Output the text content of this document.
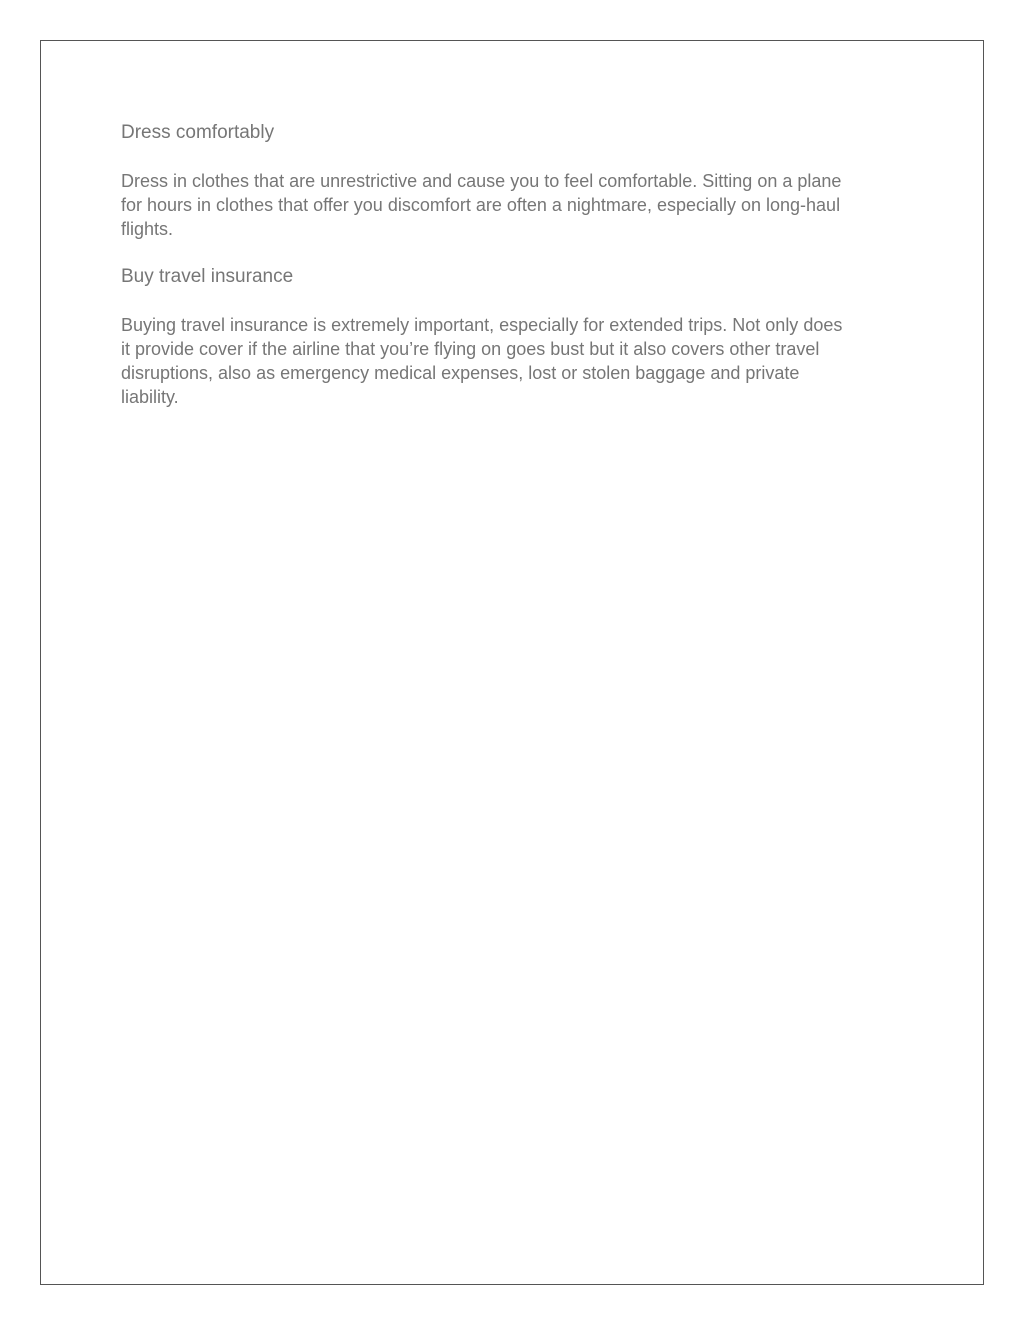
Dress comfortably

Dress in clothes that are unrestrictive and cause you to feel comfortable. Sitting on a plane
for hours in clothes that offer you discomfort are often a nightmare, especially on long-haul
flights.

Buy travel insurance

Buying travel insurance is extremely important, especially for extended trips. Not only does
it provide cover if the airline that you’re flying on goes bust but it also covers other travel
disruptions, also as emergency medical expenses, lost or stolen baggage and private
liability.
